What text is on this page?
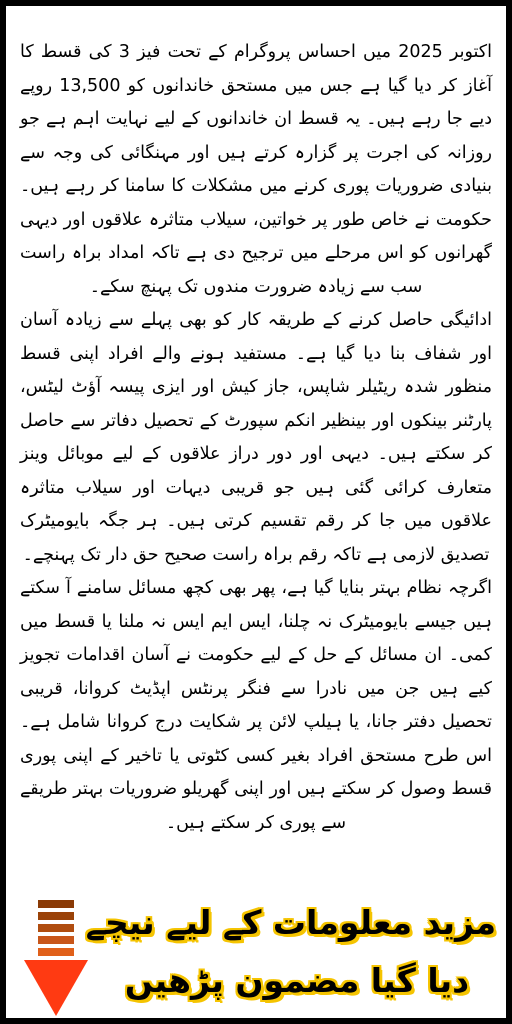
اکتوبر 2025 میں احساس پروگرام کے تحت فیز 3 کی قسط کا آغاز کر دیا گیا ہے جس میں مستحق خاندانوں کو 13,500 روپے دیے جا رہے ہیں۔ یہ قسط ان خاندانوں کے لیے نہایت اہم ہے جو روزانہ کی اجرت پر گزارہ کرتے ہیں اور مہنگائی کی وجہ سے بنیادی ضروریات پوری کرنے میں مشکلات کا سامنا کر رہے ہیں۔ حکومت نے خاص طور پر خواتین، سیلاب متاثرہ علاقوں اور دیہی گھرانوں کو اس مرحلے میں ترجیح دی ہے تاکہ امداد براہ راست سب سے زیادہ ضرورت مندوں تک پہنچ سکے۔

ادائیگی حاصل کرنے کے طریقہ کار کو بھی پہلے سے زیادہ آسان اور شفاف بنا دیا گیا ہے۔ مستفید ہونے والے افراد اپنی قسط منظور شدہ ریٹیلر شاپس، جاز کیش اور ایزی پیسہ آؤٹ لیٹس، پارٹنر بینکوں اور بینظیر انکم سپورٹ کے تحصیل دفاتر سے حاصل کر سکتے ہیں۔ دیہی اور دور دراز علاقوں کے لیے موبائل وینز متعارف کرائی گئی ہیں جو قریبی دیہات اور سیلاب متاثرہ علاقوں میں جا کر رقم تقسیم کرتی ہیں۔ ہر جگہ بایومیٹرک تصدیق لازمی ہے تاکہ رقم براہ راست صحیح حق دار تک پہنچے۔

اگرچہ نظام بہتر بنایا گیا ہے، پھر بھی کچھ مسائل سامنے آ سکتے ہیں جیسے بایومیٹرک نہ چلنا، ایس ایم ایس نہ ملنا یا قسط میں کمی۔ ان مسائل کے حل کے لیے حکومت نے آسان اقدامات تجویز کیے ہیں جن میں نادرا سے فنگر پرنٹس اپڈیٹ کروانا، قریبی تحصیل دفتر جانا، یا ہیلپ لائن پر شکایت درج کروانا شامل ہے۔ اس طرح مستحق افراد بغیر کسی کٹوتی یا تاخیر کے اپنی پوری قسط وصول کر سکتے ہیں اور اپنی گھریلو ضروریات بہتر طریقے سے پوری کر سکتے ہیں۔

مزید معلومات کے لیے نیچے
دیا گیا مضمون پڑھیں
